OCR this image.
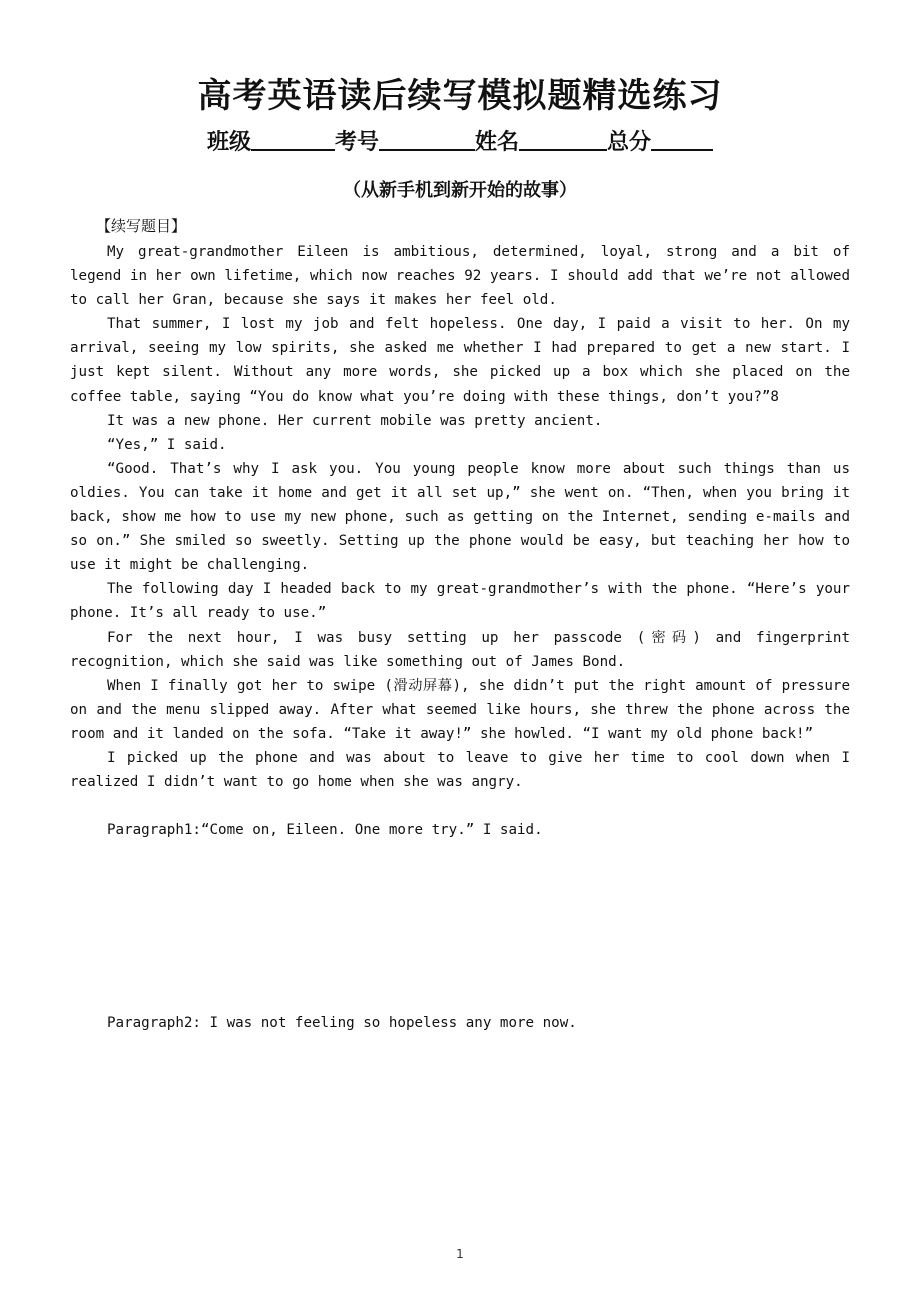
高考英语读后续写模拟题精选练习
班级	考号	姓名	总分
（从新手机到新开始的故事）
【续写题目】

My great-grandmother Eileen is ambitious, determined, loyal, strong and a bit of legend in her own lifetime, which now reaches 92 years. I should add that we’re not allowed to call her Gran, because she says it makes her feel old.

That summer, I lost my job and felt hopeless. One day, I paid a visit to her. On my arrival, seeing my low spirits, she asked me whether I had prepared to get a new start. I just kept silent. Without any more words, she picked up a box which she placed on the coffee table, saying “You do know what you’re doing with these things, don’t you?”8

It was a new phone. Her current mobile was pretty ancient.

“Yes,” I said.

“Good. That’s why I ask you. You young people know more about such things than us oldies. You can take it home and get it all set up,” she went on. “Then, when you bring it back, show me how to use my new phone, such as getting on the Internet, sending e-mails and so on.” She smiled so sweetly. Setting up the phone would be easy, but teaching her how to use it might be challenging.

The following day I headed back to my great-grandmother’s with the phone. “Here’s your phone. It’s all ready to use.”

For the next hour, I was busy setting up her passcode (密码) and fingerprint recognition, which she said was like something out of James Bond.

When I finally got her to swipe (滑动屏幕), she didn’t put the right amount of pressure on and the menu slipped away. After what seemed like hours, she threw the phone across the room and it landed on the sofa. “Take it away!” she howled. “I want my old phone back!”

I picked up the phone and was about to leave to give her time to cool down when I realized I didn’t want to go home when she was angry.

Paragraph1:“Come on, Eileen. One more try.” I said.
Paragraph2: I was not feeling so hopeless any more now.
1
